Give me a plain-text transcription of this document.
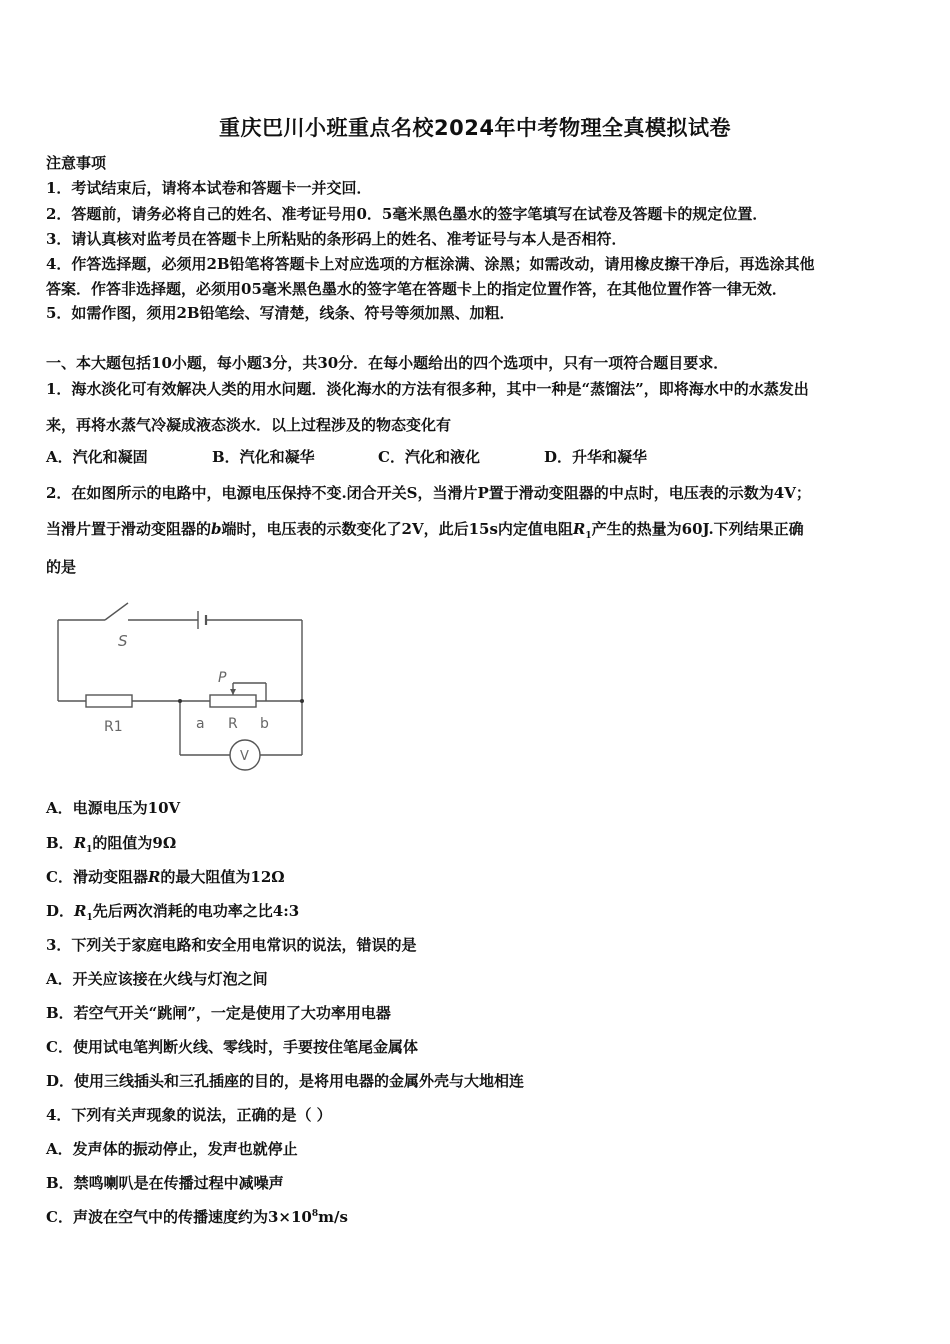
重庆巴川小班重点名校2024年中考物理全真模拟试卷
注意事项
1．考试结束后，请将本试卷和答题卡一并交回．
2．答题前，请务必将自己的姓名、准考证号用0．5毫米黑色墨水的签字笔填写在试卷及答题卡的规定位置．
3．请认真核对监考员在答题卡上所粘贴的条形码上的姓名、准考证号与本人是否相符．
4．作答选择题，必须用2B铅笔将答题卡上对应选项的方框涂满、涂黑；如需改动，请用橡皮擦干净后，再选涂其他
答案．作答非选择题，必须用05毫米黑色墨水的签字笔在答题卡上的指定位置作答，在其他位置作答一律无效．
5．如需作图，须用2B铅笔绘、写清楚，线条、符号等须加黑、加粗．
一、本大题包括10小题，每小题3分，共30分．在每小题给出的四个选项中，只有一项符合题目要求．
1．海水淡化可有效解决人类的用水问题．淡化海水的方法有很多种，其中一种是“蒸馏法”，即将海水中的水蒸发出
来，再将水蒸气冷凝成液态淡水．以上过程涉及的物态变化有
A．汽化和凝固	B．汽化和凝华	C．汽化和液化	D．升华和凝华
2．在如图所示的电路中，电源电压保持不变.闭合开关S，当滑片P置于滑动变阻器的中点时，电压表的示数为4V；
当滑片置于滑动变阻器的b端时，电压表的示数变化了2V，此后15s内定值电阻$R_1$产生的热量为60J.下列结果正确
的是
S
P
R1	a R b
V
A．电源电压为10V
B．$R_1$的阻值为9Ω
C．滑动变阻器R的最大阻值为12Ω
D．$R_1$先后两次消耗的电功率之比4:3
3．下列关于家庭电路和安全用电常识的说法，错误的是
A．开关应该接在火线与灯泡之间
B．若空气开关“跳闸”，一定是使用了大功率用电器
C．使用试电笔判断火线、零线时，手要按住笔尾金属体
D．使用三线插头和三孔插座的目的，是将用电器的金属外壳与大地相连
4．下列有关声现象的说法，正确的是（ ）
A．发声体的振动停止，发声也就停止
B．禁鸣喇叭是在传播过程中减噪声
C．声波在空气中的传播速度约为$3\times 10^8m/s$
